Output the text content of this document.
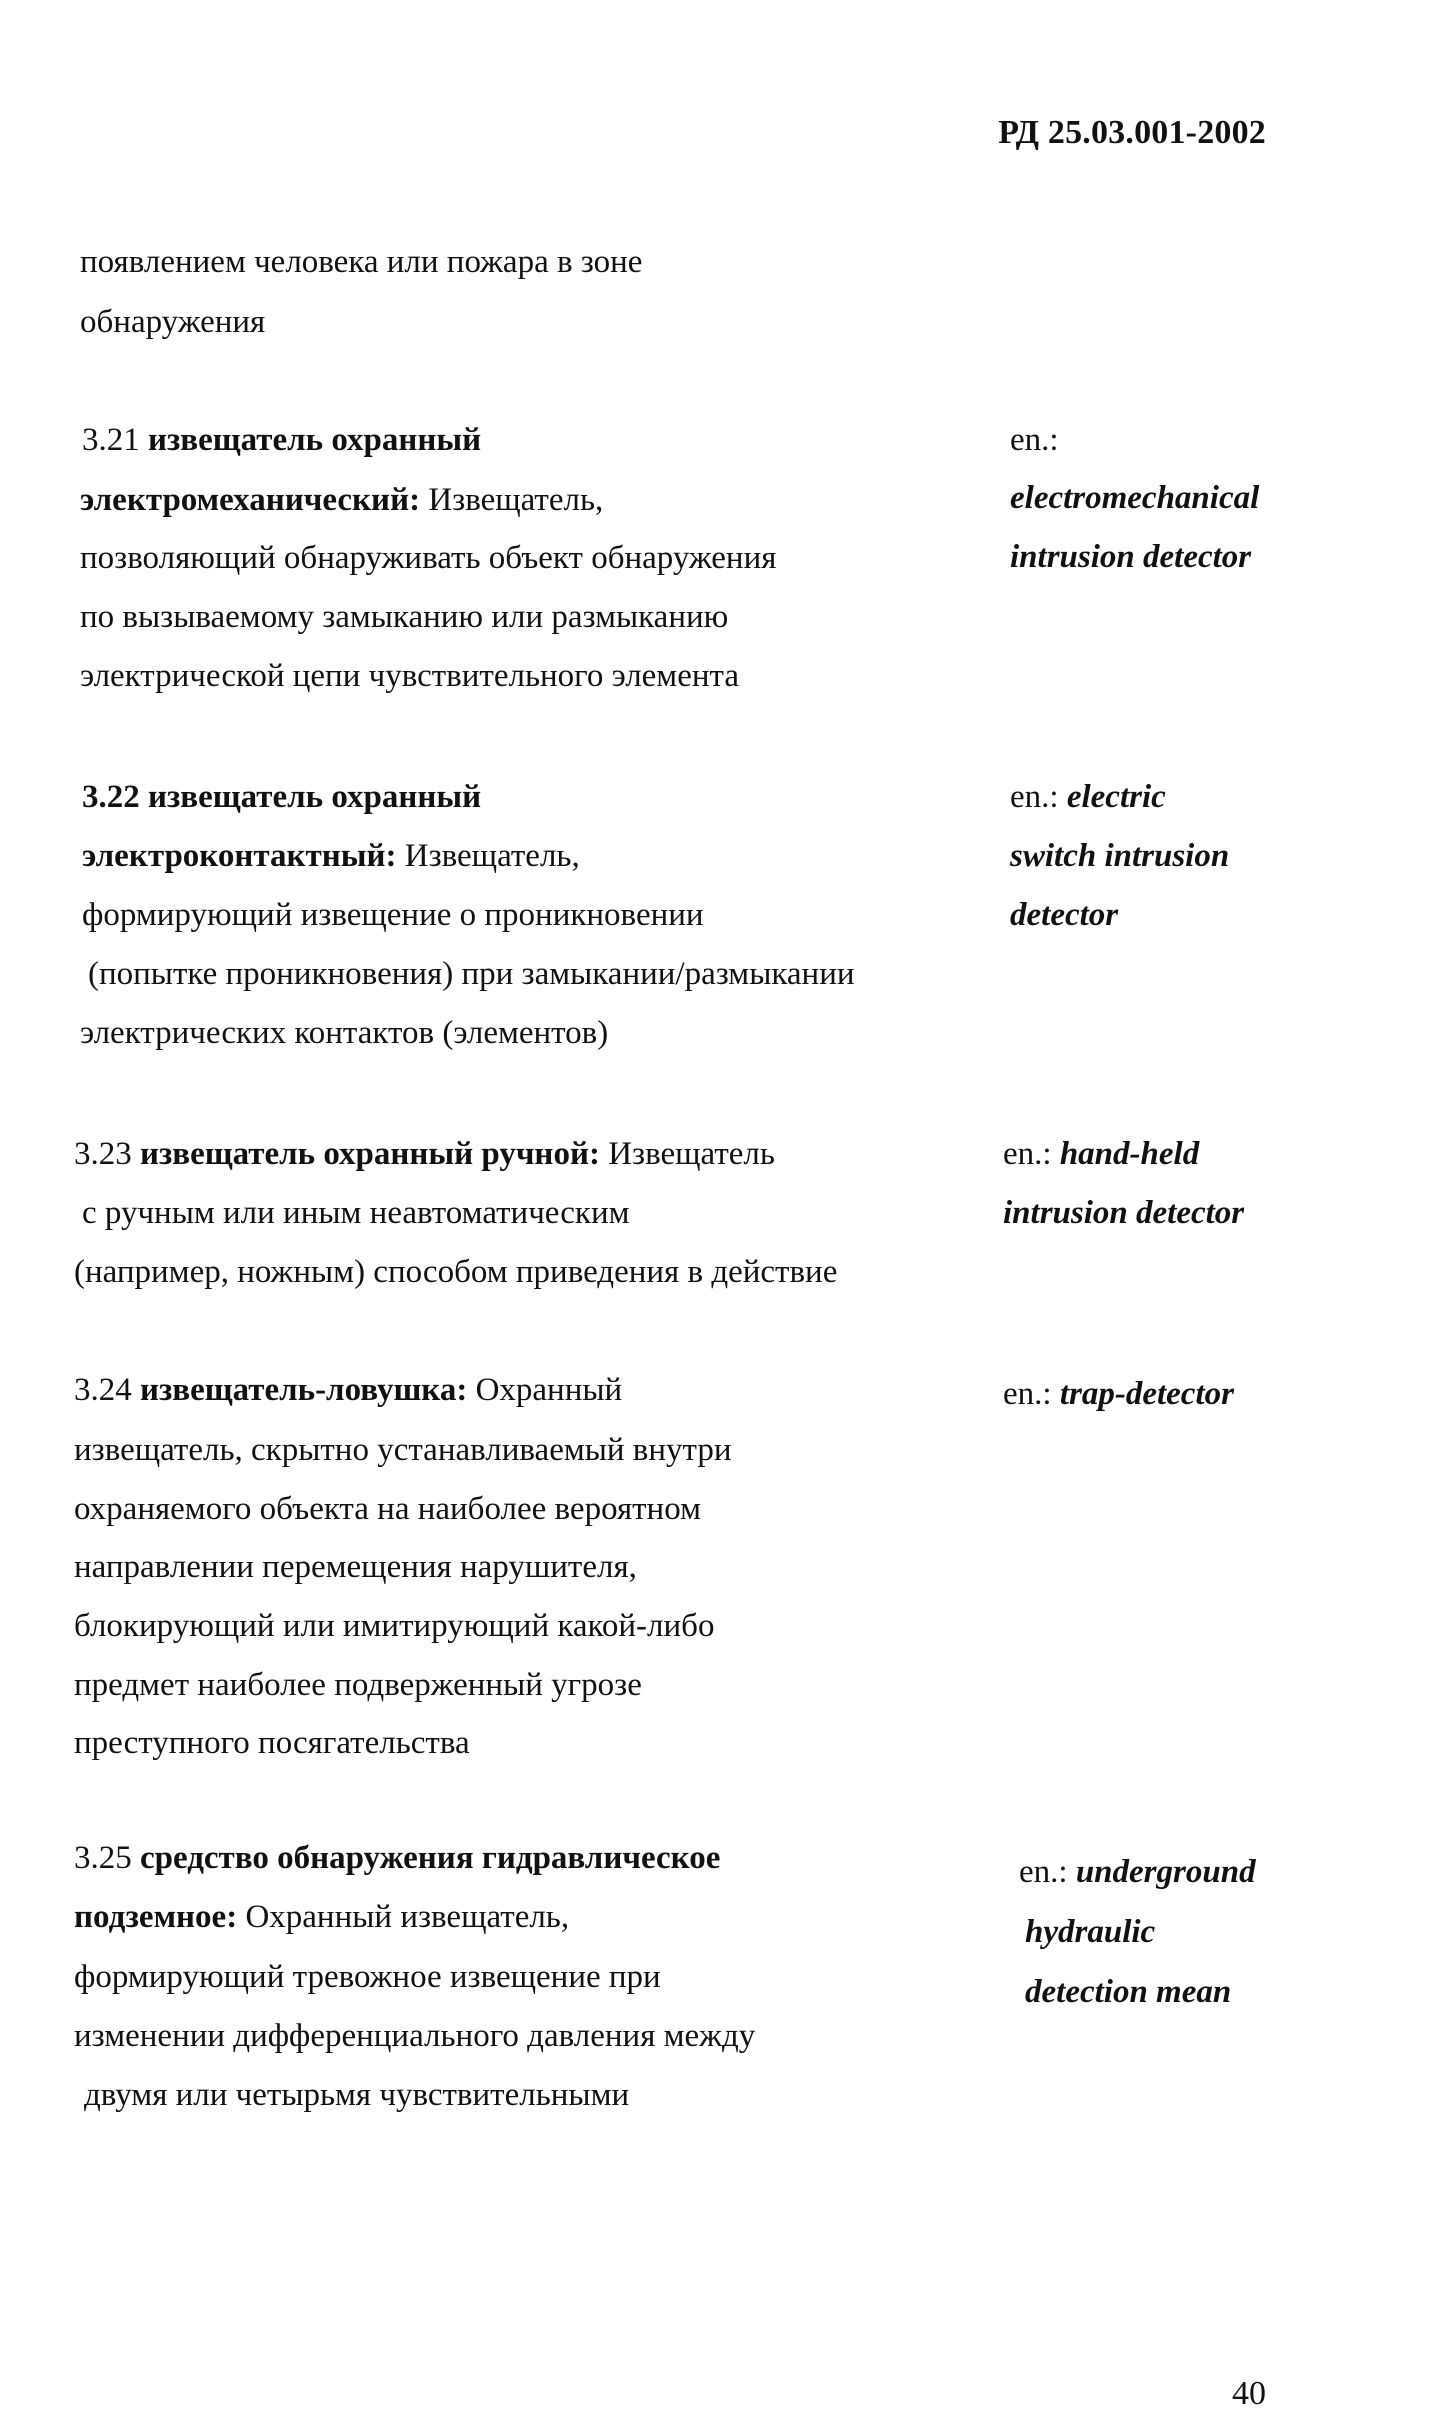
РД 25.03.001-2002
появлением человека или пожара в зоне
обнаружения
3.21 извещатель охранный
электромеханический: Извещатель,
позволяющий обнаруживать объект обнаружения
по вызываемому замыканию или размыканию
электрической цепи чувствительного элемента
en.:
electromechanical
intrusion detector
3.22 извещатель охранный
электроконтактный: Извещатель,
формирующий извещение о проникновении
(попытке проникновения) при замыкании/размыкании
электрических контактов (элементов)
en.: electric
switch intrusion
detector
3.23 извещатель охранный ручной: Извещатель
с ручным или иным неавтоматическим
(например, ножным) способом приведения в действие
en.: hand-held
intrusion detector
3.24 извещатель-ловушка: Охранный
извещатель, скрытно устанавливаемый внутри
охраняемого объекта на наиболее вероятном
направлении перемещения нарушителя,
блокирующий или имитирующий какой-либо
предмет наиболее подверженный угрозе
преступного посягательства
en.: trap-detector
3.25 средство обнаружения гидравлическое
подземное: Охранный извещатель,
формирующий тревожное извещение при
изменении дифференциального давления между
двумя или четырьмя чувствительными
en.: underground
hydraulic
detection mean
40
